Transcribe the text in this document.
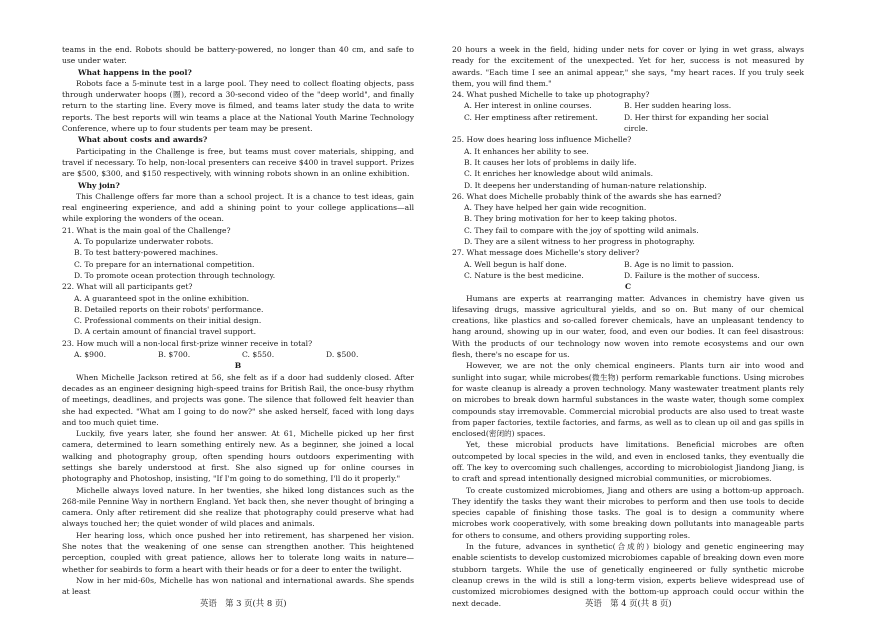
teams in the end. Robots should be battery-powered, no longer than 40 cm, and safe to use under water.

What happens in the pool?

Robots face a 5-minute test in a large pool. They need to collect floating objects, pass through underwater hoops (圈), record a 30-second video of the "deep world", and finally return to the starting line. Every move is filmed, and teams later study the data to write reports. The best reports will win teams a place at the National Youth Marine Technology Conference, where up to four students per team may be present.

What about costs and awards?

Participating in the Challenge is free, but teams must cover materials, shipping, and travel if necessary. To help, non-local presenters can receive $400 in travel support. Prizes are $500, $300, and $150 respectively, with winning robots shown in an online exhibition.

Why join?

This Challenge offers far more than a school project. It is a chance to test ideas, gain real engineering experience, and add a shining point to your college applications—all while exploring the wonders of the ocean.

21. What is the main goal of the Challenge?

A. To popularize underwater robots.

B. To test battery-powered machines.

C. To prepare for an international competition.

D. To promote ocean protection through technology.

22. What will all participants get?

A. A guaranteed spot in the online exhibition.

B. Detailed reports on their robots' performance.

C. Professional comments on their initial design.

D. A certain amount of financial travel support.

23. How much will a non-local first-prize winner receive in total?

A. $900.	B. $700.	C. $550.	D. $500.

B

When Michelle Jackson retired at 56, she felt as if a door had suddenly closed. After decades as an engineer designing high-speed trains for British Rail, the once-busy rhythm of meetings, deadlines, and projects was gone. The silence that followed felt heavier than she had expected. "What am I going to do now?" she asked herself, faced with long days and too much quiet time.

Luckily, five years later, she found her answer. At 61, Michelle picked up her first camera, determined to learn something entirely new. As a beginner, she joined a local walking and photography group, often spending hours outdoors experimenting with settings she barely understood at first. She also signed up for online courses in photography and Photoshop, insisting, "If I'm going to do something, I'll do it properly."

Michelle always loved nature. In her twenties, she hiked long distances such as the 268-mile Pennine Way in northern England. Yet back then, she never thought of bringing a camera. Only after retirement did she realize that photography could preserve what had always touched her; the quiet wonder of wild places and animals.

Her hearing loss, which once pushed her into retirement, has sharpened her vision. She notes that the weakening of one sense can strengthen another. This heightened perception, coupled with great patience, allows her to tolerate long waits in nature—whether for seabirds to form a heart with their heads or for a deer to enter the twilight.

Now in her mid-60s, Michelle has won national and international awards. She spends at least

20 hours a week in the field, hiding under nets for cover or lying in wet grass, always ready for the excitement of the unexpected. Yet for her, success is not measured by awards. "Each time I see an animal appear," she says, "my heart races. If you truly seek them, you will find them."

24. What pushed Michelle to take up photography?

A. Her interest in online courses.	B. Her sudden hearing loss.
C. Her emptiness after retirement.	D. Her thirst for expanding her social circle.

25. How does hearing loss influence Michelle?

A. It enhances her ability to see.

B. It causes her lots of problems in daily life.

C. It enriches her knowledge about wild animals.

D. It deepens her understanding of human-nature relationship.

26. What does Michelle probably think of the awards she has earned?

A. They have helped her gain wide recognition.

B. They bring motivation for her to keep taking photos.

C. They fail to compare with the joy of spotting wild animals.

D. They are a silent witness to her progress in photography.

27. What message does Michelle's story deliver?

A. Well begun is half done.	B. Age is no limit to passion.
C. Nature is the best medicine.	D. Failure is the mother of success.

C

Humans are experts at rearranging matter. Advances in chemistry have given us lifesaving drugs, massive agricultural yields, and so on. But many of our chemical creations, like plastics and so-called forever chemicals, have an unpleasant tendency to hang around, showing up in our water, food, and even our bodies. It can feel disastrous: With the products of our technology now woven into remote ecosystems and our own flesh, there's no escape for us.

However, we are not the only chemical engineers. Plants turn air into wood and sunlight into sugar, while microbes(微生物) perform remarkable functions. Using microbes for waste cleanup is already a proven technology. Many wastewater treatment plants rely on microbes to break down harmful substances in the waste water, though some complex compounds stay irremovable. Commercial microbial products are also used to treat waste from paper factories, textile factories, and farms, as well as to clean up oil and gas spills in enclosed(密闭的) spaces.

Yet, these microbial products have limitations. Beneficial microbes are often outcompeted by local species in the wild, and even in enclosed tanks, they eventually die off. The key to overcoming such challenges, according to microbiologist Jiandong Jiang, is to craft and spread intentionally designed microbial communities, or microbiomes.

To create customized microbiomes, Jiang and others are using a bottom-up approach. They identify the tasks they want their microbes to perform and then use tools to decide species capable of finishing those tasks. The goal is to design a community where microbes work cooperatively, with some breaking down pollutants into manageable parts for others to consume, and others providing supporting roles.

In the future, advances in synthetic(合成的) biology and genetic engineering may enable scientists to develop customized microbiomes capable of breaking down even more stubborn targets. While the use of genetically engineered or fully synthetic microbe cleanup crews in the wild is still a long-term vision, experts believe widespread use of customized microbiomes designed with the bottom-up approach could occur within the next decade.

英语　第 3 页(共 8 页)	英语　第 4 页(共 8 页)
